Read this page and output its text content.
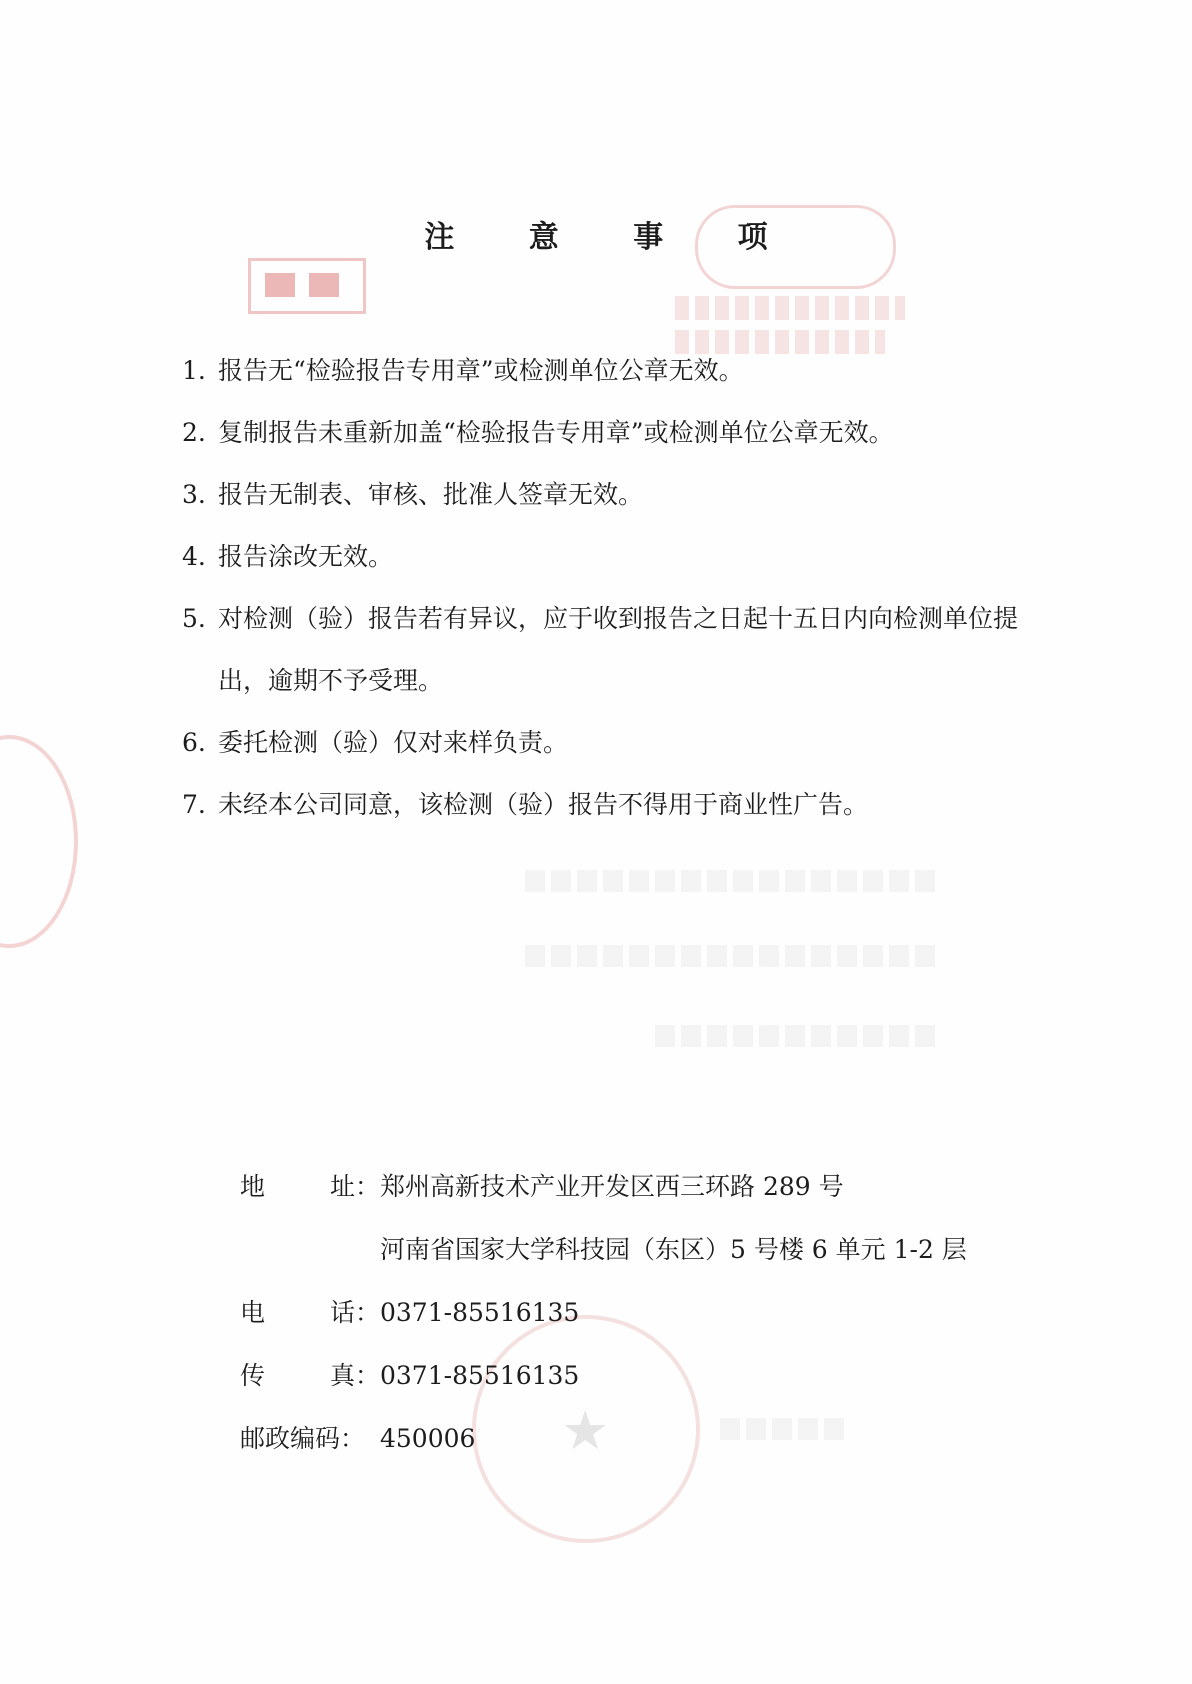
★
注 意 事 项
1. 报告无“检验报告专用章”或检测单位公章无效。
2. 复制报告未重新加盖“检验报告专用章”或检测单位公章无效。
3. 报告无制表、审核、批准人签章无效。
4. 报告涂改无效。
5. 对检测（验）报告若有异议，应于收到报告之日起十五日内向检测单位提出，逾期不予受理。
6. 委托检测（验）仅对来样负责。
7. 未经本公司同意，该检测（验）报告不得用于商业性广告。
地	址： 郑州高新技术产业开发区西三环路 289 号
河南省国家大学科技园（东区）5 号楼 6 单元 1-2 层
电	话： 0371-85516135
传	真： 0371-85516135
邮政编码： 450006
